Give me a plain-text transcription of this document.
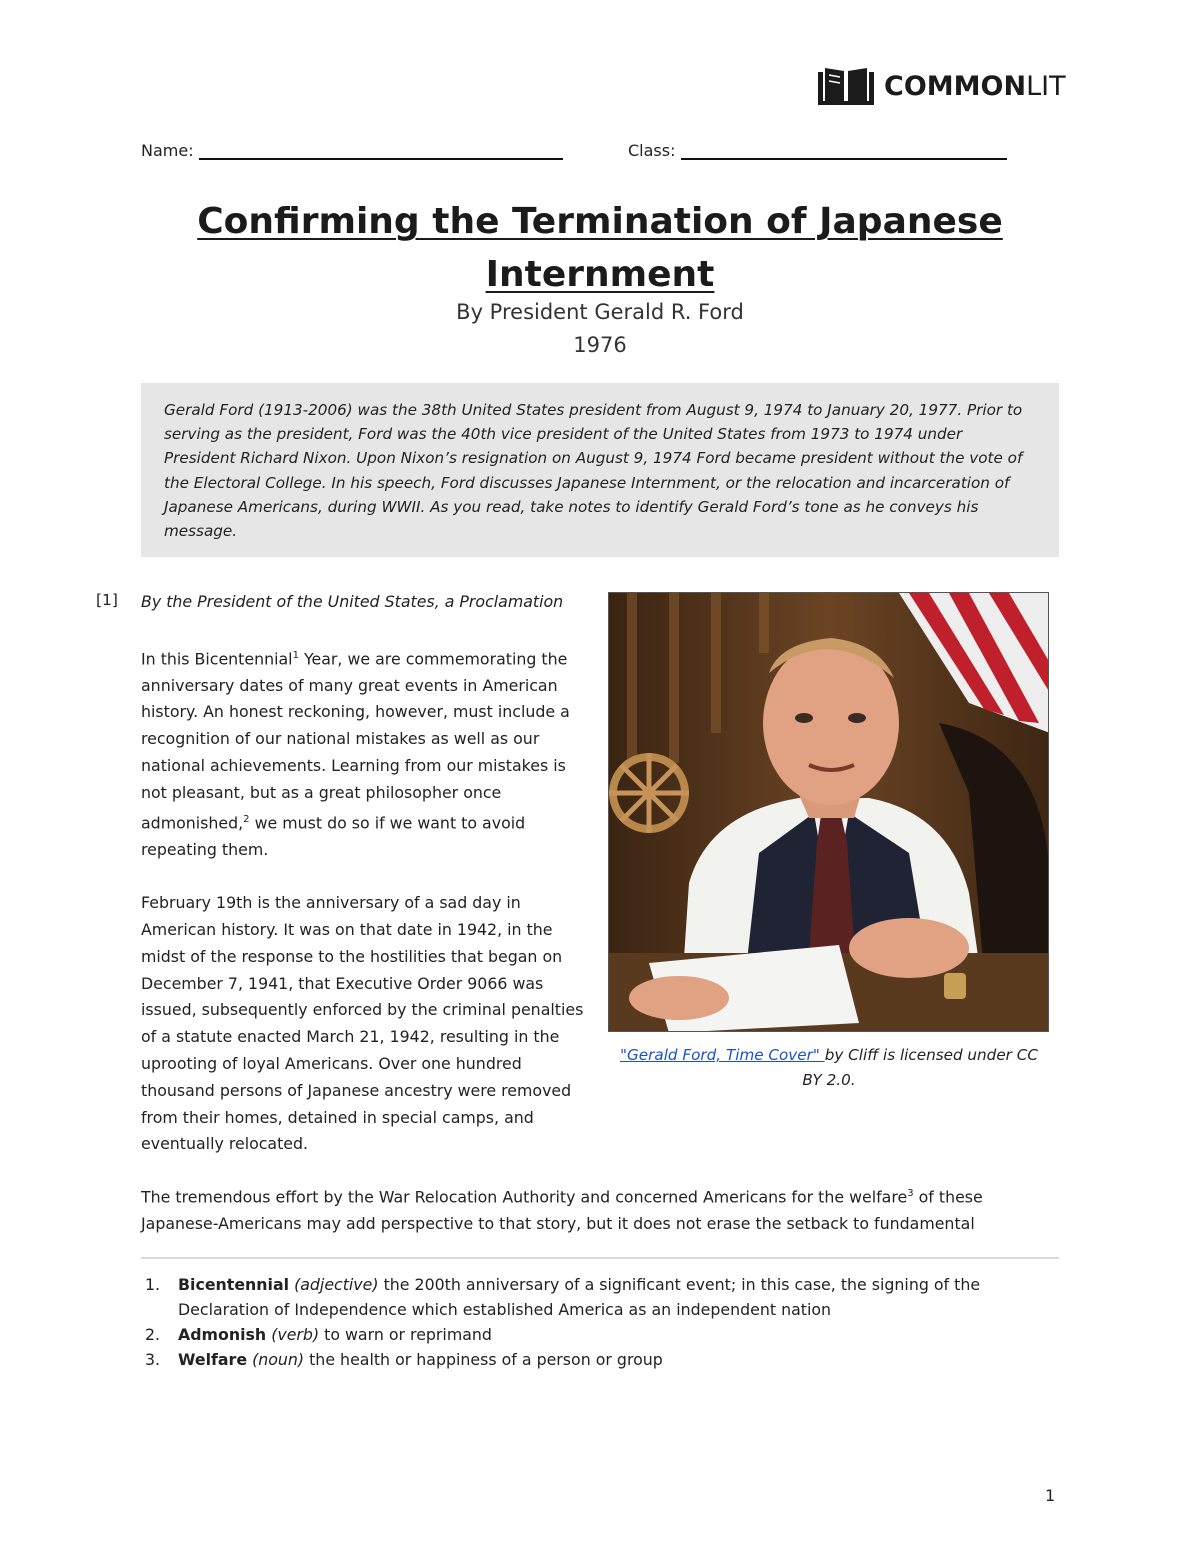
COMMONLIT
Name:	Class:
Confirming the Termination of Japanese Internment
By President Gerald R. Ford
1976
Gerald Ford (1913-2006) was the 38th United States president from August 9, 1974 to January 20, 1977. Prior to serving as the president, Ford was the 40th vice president of the United States from 1973 to 1974 under President Richard Nixon. Upon Nixon’s resignation on August 9, 1974 Ford became president without the vote of the Electoral College. In his speech, Ford discusses Japanese Internment, or the relocation and incarceration of Japanese Americans, during WWII. As you read, take notes to identify Gerald Ford’s tone as he conveys his message.
[1] By the President of the United States, a Proclamation

In this Bicentennial$^1$ Year, we are commemorating the anniversary dates of many great events in American history. An honest reckoning, however, must include a recognition of our national mistakes as well as our national achievements. Learning from our mistakes is not pleasant, but as a great philosopher once admonished,$^2$ we must do so if we want to avoid repeating them.

February 19th is the anniversary of a sad day in American history. It was on that date in 1942, in the midst of the response to the hostilities that began on December 7, 1941, that Executive Order 9066 was issued, subsequently enforced by the criminal penalties of a statute enacted March 21, 1942, resulting in the uprooting of loyal Americans. Over one hundred thousand persons of Japanese ancestry were removed from their homes, detained in special camps, and eventually relocated.

"Gerald Ford, Time Cover" by Cliff is licensed under CC BY 2.0.
The tremendous effort by the War Relocation Authority and concerned Americans for the welfare$^3$ of these Japanese-Americans may add perspective to that story, but it does not erase the setback to fundamental
1. Bicentennial (adjective) the 200th anniversary of a significant event; in this case, the signing of the Declaration of Independence which established America as an independent nation
2. Admonish (verb) to warn or reprimand
3. Welfare (noun) the health or happiness of a person or group
1
